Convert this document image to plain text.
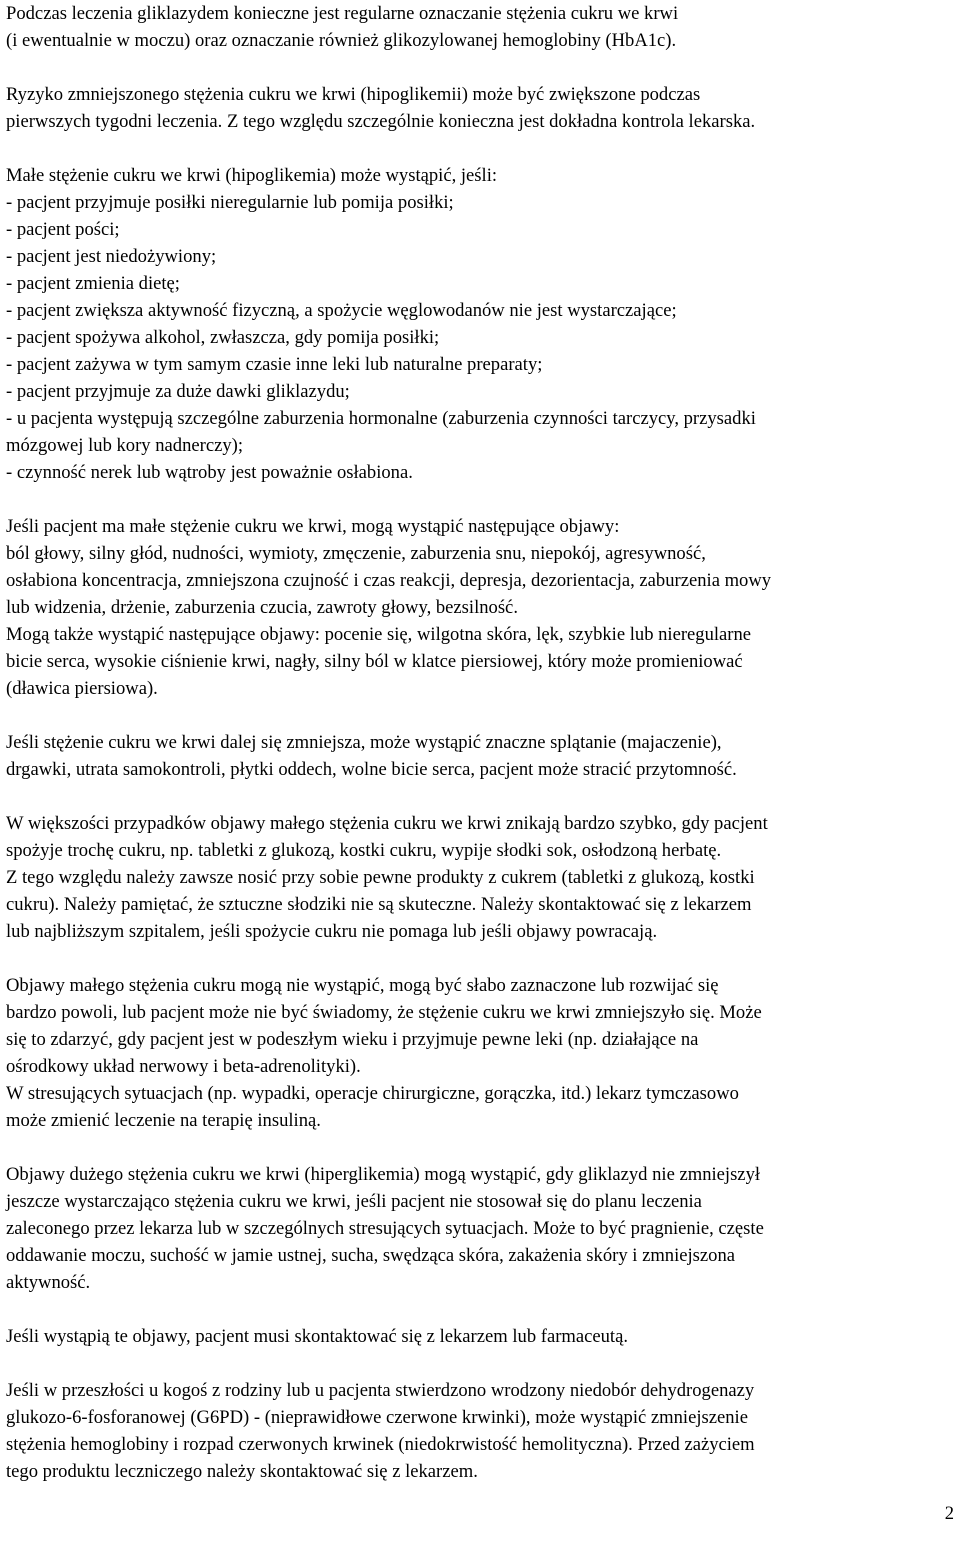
Podczas leczenia gliklazydem konieczne jest regularne oznaczanie stężenia cukru we krwi
(i ewentualnie w moczu) oraz oznaczanie również glikozylowanej hemoglobiny (HbA1c).
Ryzyko zmniejszonego stężenia cukru we krwi (hipoglikemii) może być zwiększone podczas
pierwszych tygodni leczenia. Z tego względu szczególnie konieczna jest dokładna kontrola lekarska.
Małe stężenie cukru we krwi (hipoglikemia) może wystąpić, jeśli:
- pacjent przyjmuje posiłki nieregularnie lub pomija posiłki;
- pacjent pości;
- pacjent jest niedożywiony;
- pacjent zmienia dietę;
- pacjent zwiększa aktywność fizyczną, a spożycie węglowodanów nie jest wystarczające;
- pacjent spożywa alkohol, zwłaszcza, gdy pomija posiłki;
- pacjent zażywa w tym samym czasie inne leki lub naturalne preparaty;
- pacjent przyjmuje za duże dawki gliklazydu;
- u pacjenta występują szczególne zaburzenia hormonalne (zaburzenia czynności tarczycy, przysadki
mózgowej lub kory nadnerczy);
- czynność nerek lub wątroby jest poważnie osłabiona.
Jeśli pacjent ma małe stężenie cukru we krwi, mogą wystąpić następujące objawy:
ból głowy, silny głód, nudności, wymioty, zmęczenie, zaburzenia snu, niepokój, agresywność,
osłabiona koncentracja, zmniejszona czujność i czas reakcji, depresja, dezorientacja, zaburzenia mowy
lub widzenia, drżenie, zaburzenia czucia, zawroty głowy, bezsilność.
Mogą także wystąpić następujące objawy: pocenie się, wilgotna skóra, lęk, szybkie lub nieregularne
bicie serca, wysokie ciśnienie krwi, nagły, silny ból w klatce piersiowej, który może promieniować
(dławica piersiowa).
Jeśli stężenie cukru we krwi dalej się zmniejsza, może wystąpić znaczne splątanie (majaczenie),
drgawki, utrata samokontroli, płytki oddech, wolne bicie serca, pacjent może stracić przytomność.
W większości przypadków objawy małego stężenia cukru we krwi znikają bardzo szybko, gdy pacjent
spożyje trochę cukru, np. tabletki z glukozą, kostki cukru, wypije słodki sok, osłodzoną herbatę.
Z tego względu należy zawsze nosić przy sobie pewne produkty z cukrem (tabletki z glukozą, kostki
cukru). Należy pamiętać, że sztuczne słodziki nie są skuteczne. Należy skontaktować się z lekarzem
lub najbliższym szpitalem, jeśli spożycie cukru nie pomaga lub jeśli objawy powracają.
Objawy małego stężenia cukru mogą nie wystąpić, mogą być słabo zaznaczone lub rozwijać się
bardzo powoli, lub pacjent może nie być świadomy, że stężenie cukru we krwi zmniejszyło się. Może
się to zdarzyć, gdy pacjent jest w podeszłym wieku i przyjmuje pewne leki (np. działające na
ośrodkowy układ nerwowy i beta-adrenolityki).
W stresujących sytuacjach (np. wypadki, operacje chirurgiczne, gorączka, itd.) lekarz tymczasowo
może zmienić leczenie na terapię insuliną.
Objawy dużego stężenia cukru we krwi (hiperglikemia) mogą wystąpić, gdy gliklazyd nie zmniejszył
jeszcze wystarczająco stężenia cukru we krwi, jeśli pacjent nie stosował się do planu leczenia
zaleconego przez lekarza lub w szczególnych stresujących sytuacjach. Może to być pragnienie, częste
oddawanie moczu, suchość w jamie ustnej, sucha, swędząca skóra, zakażenia skóry i zmniejszona
aktywność.
Jeśli wystąpią te objawy, pacjent musi skontaktować się z lekarzem lub farmaceutą.
Jeśli w przeszłości u kogoś z rodziny lub u pacjenta stwierdzono wrodzony niedobór dehydrogenazy
glukozo-6-fosforanowej (G6PD) - (nieprawidłowe czerwone krwinki), może wystąpić zmniejszenie
stężenia hemoglobiny i rozpad czerwonych krwinek (niedokrwistość hemolityczna). Przed zażyciem
tego produktu leczniczego należy skontaktować się z lekarzem.
2
